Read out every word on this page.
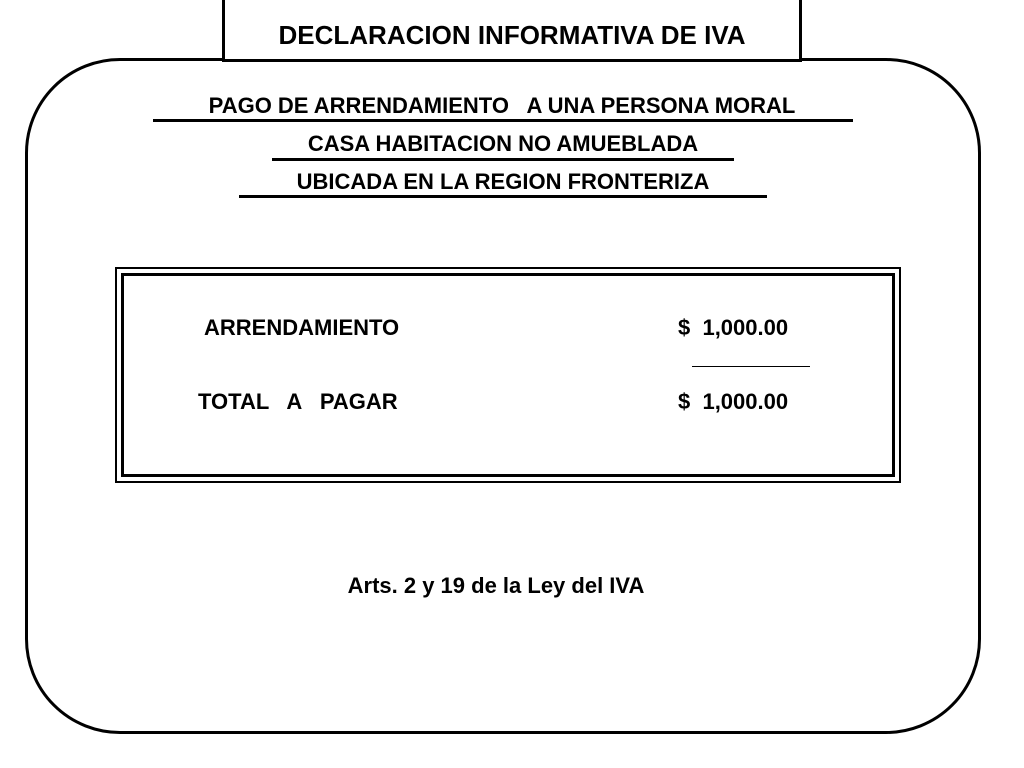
DECLARACION INFORMATIVA DE IVA
PAGO DE ARRENDAMIENTO   A UNA PERSONA MORAL
CASA HABITACION NO AMUEBLADA
UBICADA EN LA REGION FRONTERIZA
ARRENDAMIENTO	$  1,000.00
TOTAL   A   PAGAR	$  1,000.00
Arts. 2 y 19 de la Ley del IVA
